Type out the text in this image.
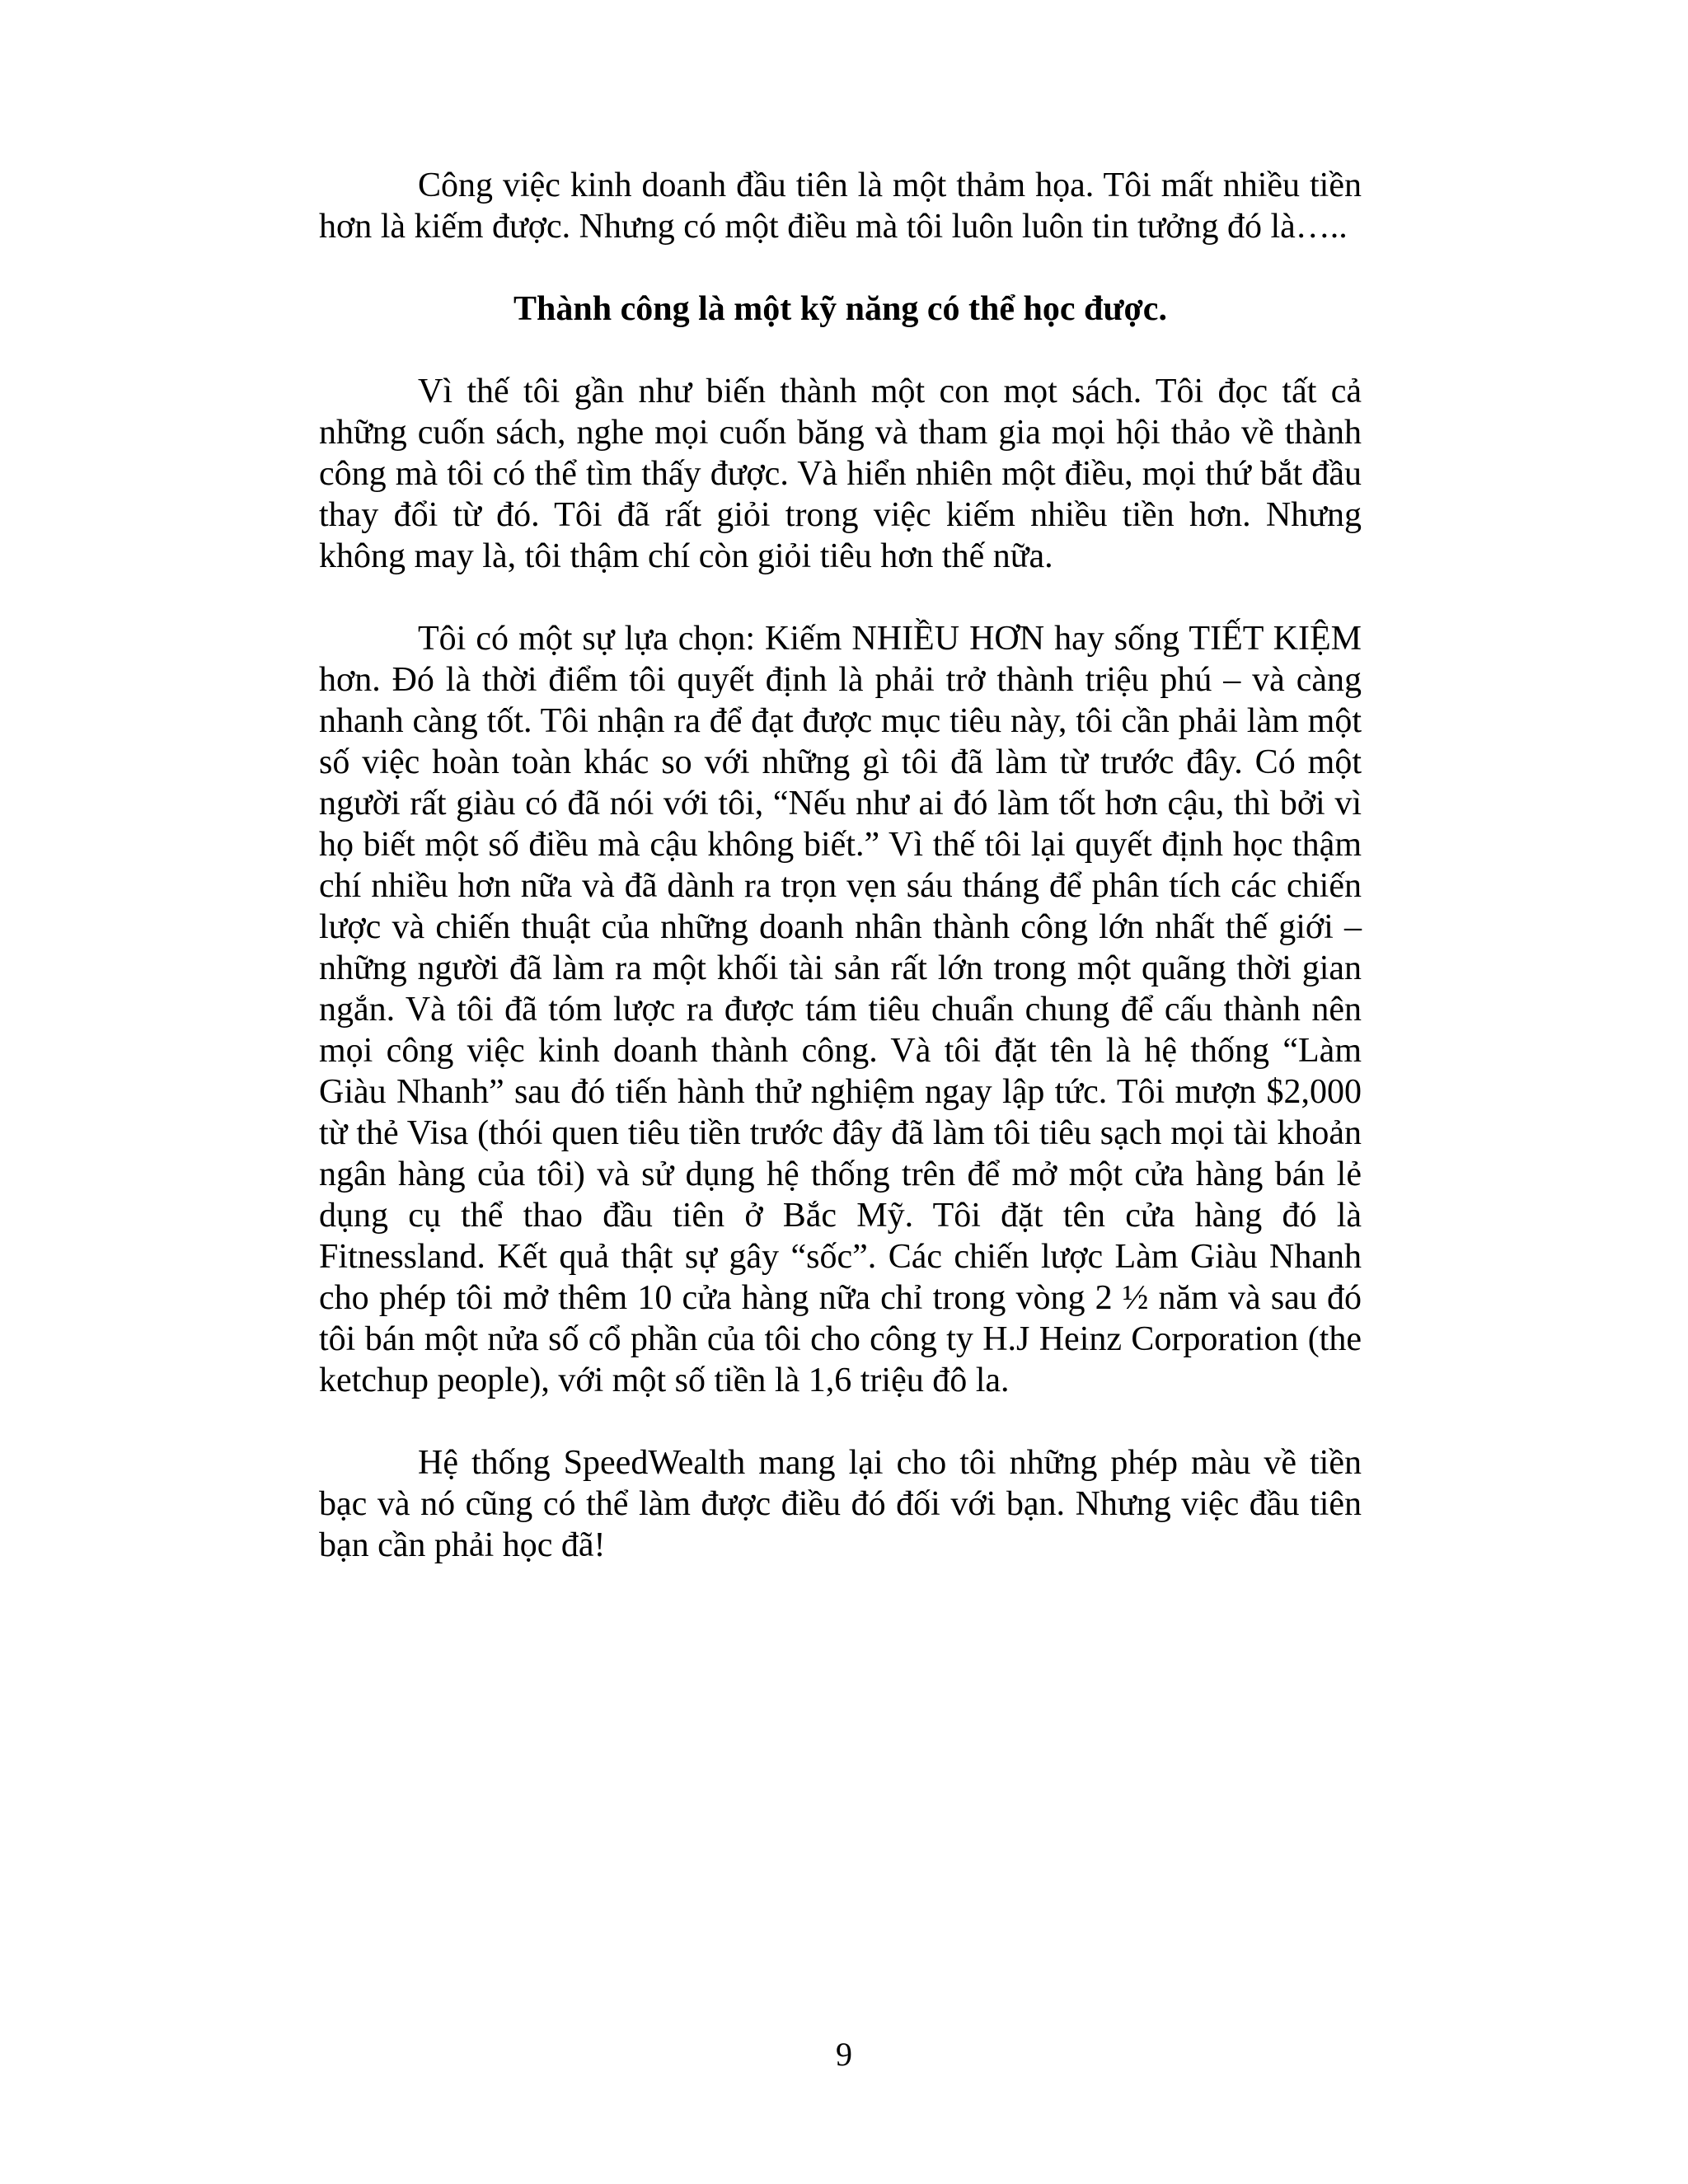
Công việc kinh doanh đầu tiên là một thảm họa. Tôi mất nhiều tiền hơn là kiếm được. Nhưng có một điều mà tôi luôn luôn tin tưởng đó là…..

Thành công là một kỹ năng có thể học được.

Vì thế tôi gần như biến thành một con mọt sách. Tôi đọc tất cả những cuốn sách, nghe mọi cuốn băng và tham gia mọi hội thảo về thành công mà tôi có thể tìm thấy được. Và hiển nhiên một điều, mọi thứ bắt đầu thay đổi từ đó. Tôi đã rất giỏi trong việc kiếm nhiều tiền hơn. Nhưng không may là, tôi thậm chí còn giỏi tiêu hơn thế nữa.

Tôi có một sự lựa chọn: Kiếm NHIỀU HƠN hay sống TIẾT KIỆM hơn. Đó là thời điểm tôi quyết định là phải trở thành triệu phú – và càng nhanh càng tốt. Tôi nhận ra để đạt được mục tiêu này, tôi cần phải làm một số việc hoàn toàn khác so với những gì tôi đã làm từ trước đây. Có một người rất giàu có đã nói với tôi, “Nếu như ai đó làm tốt hơn cậu, thì bởi vì họ biết một số điều mà cậu không biết.” Vì thế tôi lại quyết định học thậm chí nhiều hơn nữa và đã dành ra trọn vẹn sáu tháng để phân tích các chiến lược và chiến thuật của những doanh nhân thành công lớn nhất thế giới – những người đã làm ra một khối tài sản rất lớn trong một quãng thời gian ngắn. Và tôi đã tóm lược ra được tám tiêu chuẩn chung để cấu thành nên mọi công việc kinh doanh thành công. Và tôi đặt tên là hệ thống “Làm Giàu Nhanh” sau đó tiến hành thử nghiệm ngay lập tức. Tôi mượn $2,000 từ thẻ Visa (thói quen tiêu tiền trước đây đã làm tôi tiêu sạch mọi tài khoản ngân hàng của tôi) và sử dụng hệ thống trên để mở một cửa hàng bán lẻ dụng cụ thể thao đầu tiên ở Bắc Mỹ. Tôi đặt tên cửa hàng đó là Fitnessland. Kết quả thật sự gây “sốc”. Các chiến lược Làm Giàu Nhanh cho phép tôi mở thêm 10 cửa hàng nữa chỉ trong vòng 2 ½ năm và sau đó tôi bán một nửa số cổ phần của tôi cho công ty H.J Heinz Corporation (the ketchup people), với một số tiền là 1,6 triệu đô la.

Hệ thống SpeedWealth mang lại cho tôi những phép màu về tiền bạc và nó cũng có thể làm được điều đó đối với bạn. Nhưng việc đầu tiên bạn cần phải học đã!

9
